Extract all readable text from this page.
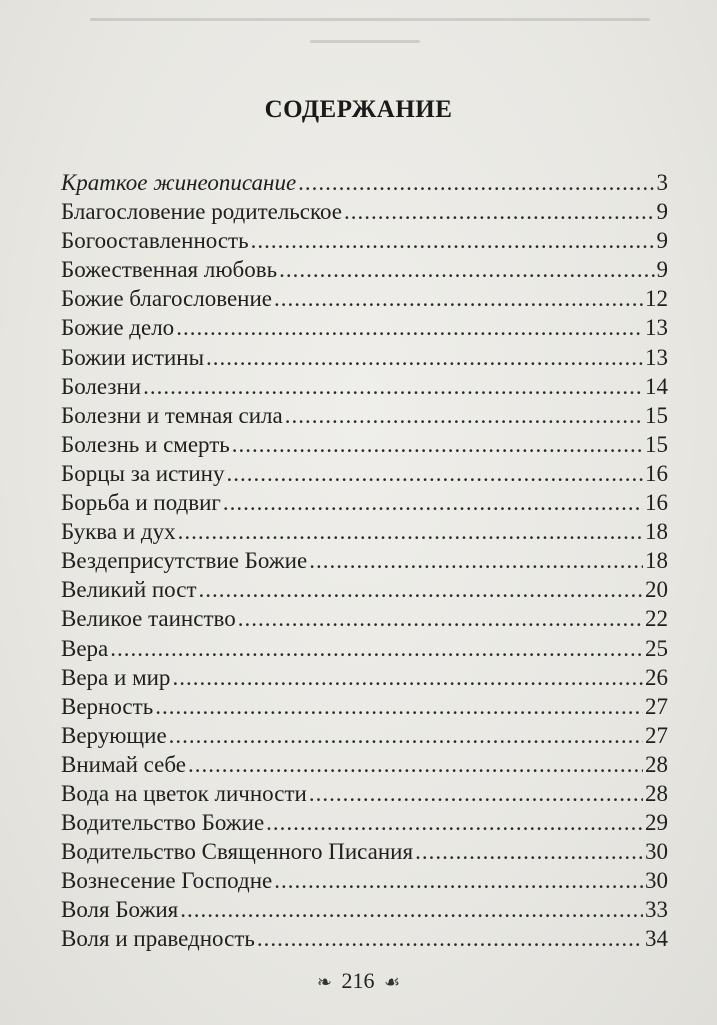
СОДЕРЖАНИЕ
Краткое жинеописание .....	3
Благословение родительское .....	9
Богооставленность .....	9
Божественная любовь .....	9
Божие благословение .....	12
Божие дело .....	13
Божии истины .....	13
Болезни .....	14
Болезни и темная сила .....	15
Болезнь и смерть .....	15
Борцы за истину .....	16
Борьба и подвиг .....	16
Буква и дух .....	18
Вездеприсутствие Божие .....	18
Великий пост .....	20
Великое таинство .....	22
Вера .....	25
Вера и мир .....	26
Верность .....	27
Верующие .....	27
Внимай себе .....	28
Вода на цветок личности .....	28
Водительство Божие .....	29
Водительство Священного Писания .....	30
Вознесение Господне .....	30
Воля Божия .....	33
Воля и праведность .....	34
❧ 216 ☙
